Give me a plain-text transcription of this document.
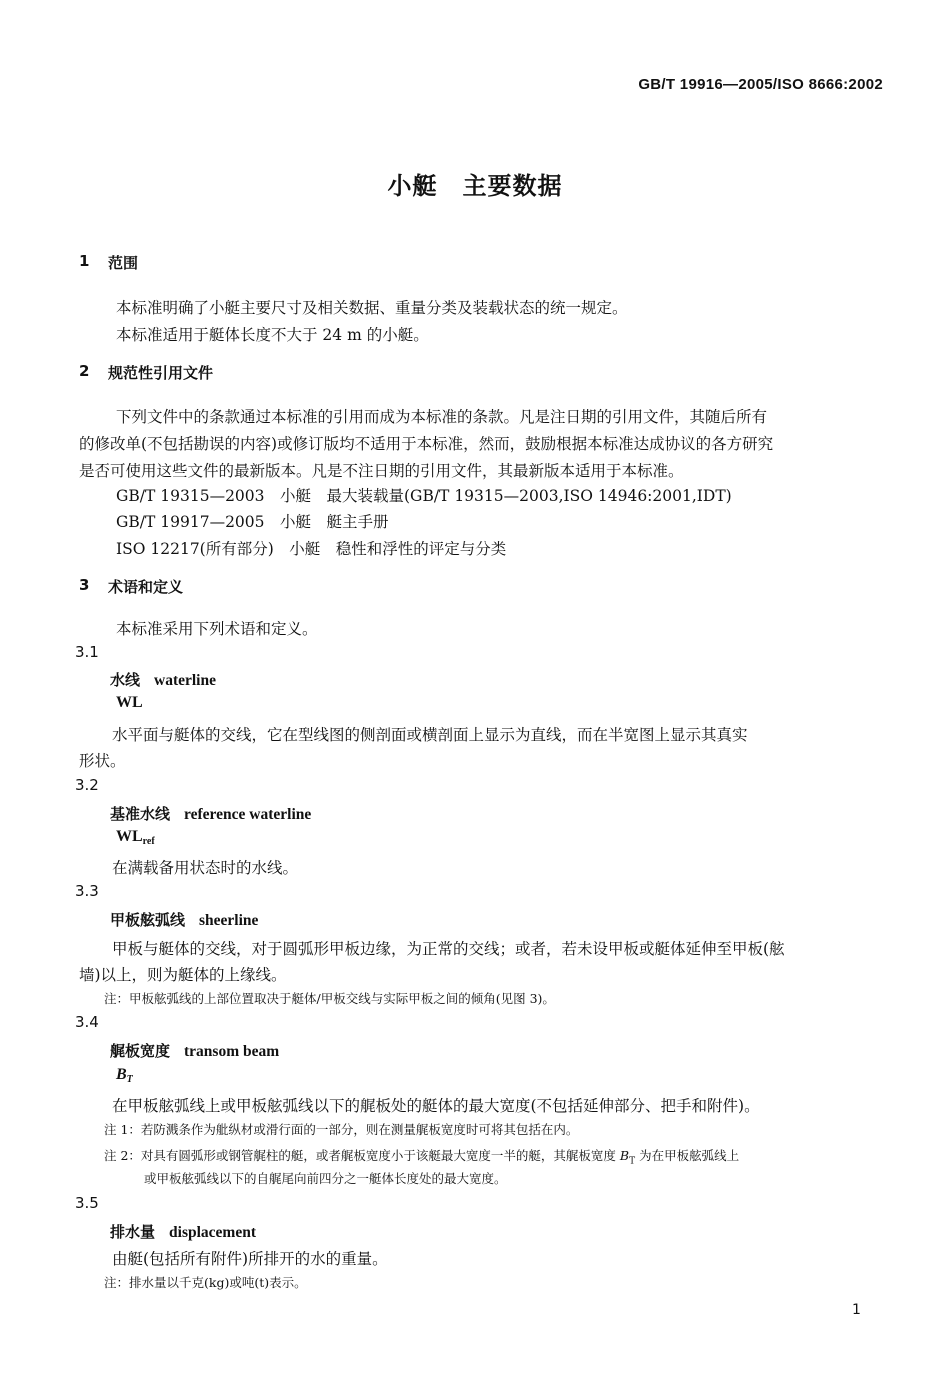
GB/T 19916—2005/ISO 8666:2002
小艇　主要数据
1 范围
本标准明确了小艇主要尺寸及相关数据、重量分类及装载状态的统一规定。
本标准适用于艇体长度不大于 24 m 的小艇。
2 规范性引用文件
下列文件中的条款通过本标准的引用而成为本标准的条款。凡是注日期的引用文件，其随后所有
的修改单(不包括勘误的内容)或修订版均不适用于本标准，然而，鼓励根据本标准达成协议的各方研究
是否可使用这些文件的最新版本。凡是不注日期的引用文件，其最新版本适用于本标准。
GB/T 19315—2003　小艇　最大装载量(GB/T 19315—2003,ISO 14946:2001,IDT)
GB/T 19917—2005　小艇　艇主手册
ISO 12217(所有部分)　小艇　稳性和浮性的评定与分类
3 术语和定义
本标准采用下列术语和定义。
3.1
水线 waterline
WL
水平面与艇体的交线，它在型线图的侧剖面或横剖面上显示为直线，而在半宽图上显示其真实
形状。
3.2
基准水线 reference waterline
$WL_{ref}$
在满载备用状态时的水线。
3.3
甲板舷弧线 sheerline
甲板与艇体的交线，对于圆弧形甲板边缘，为正常的交线；或者，若未设甲板或艇体延伸至甲板(舷
墙)以上，则为艇体的上缘线。
注：甲板舷弧线的上部位置取决于艇体/甲板交线与实际甲板之间的倾角(见图 3)。
3.4
艉板宽度 transom beam
$B_T$
在甲板舷弧线上或甲板舷弧线以下的艉板处的艇体的最大宽度(不包括延伸部分、把手和附件)。
注 1：若防溅条作为舭纵材或滑行面的一部分，则在测量艉板宽度时可将其包括在内。
注 2：对具有圆弧形或钢管艉柱的艇，或者艉板宽度小于该艇最大宽度一半的艇，其艉板宽度 $B_T$ 为在甲板舷弧线上
或甲板舷弧线以下的自艉尾向前四分之一艇体长度处的最大宽度。
3.5
排水量 displacement
由艇(包括所有附件)所排开的水的重量。
注：排水量以千克(kg)或吨(t)表示。
1
